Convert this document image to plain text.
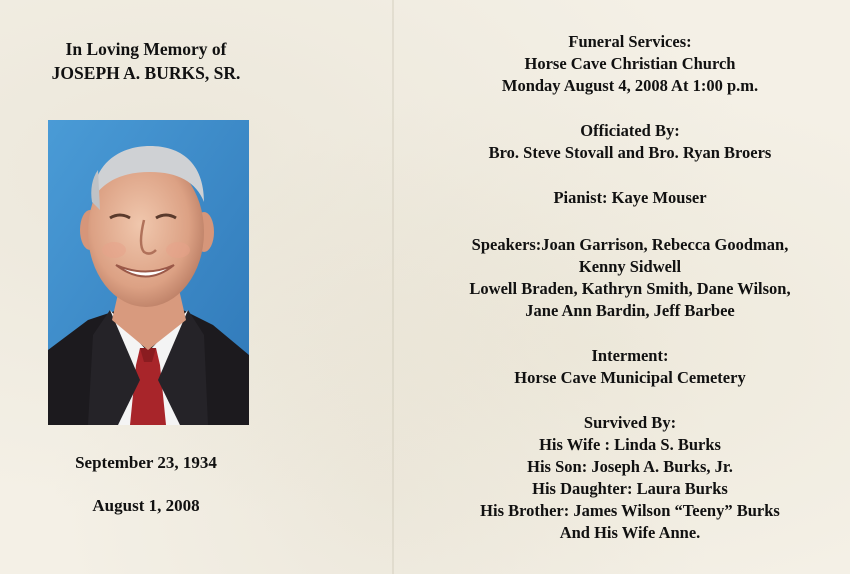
In Loving Memory of
JOSEPH A. BURKS, SR.
September 23, 1934
August 1, 2008
Funeral Services:
Horse Cave Christian Church
Monday August 4, 2008 At 1:00 p.m.
Officiated By:
Bro. Steve Stovall and Bro. Ryan Broers
Pianist: Kaye Mouser
Speakers:Joan Garrison, Rebecca Goodman,
Kenny Sidwell
Lowell Braden, Kathryn Smith, Dane Wilson,
Jane Ann Bardin, Jeff Barbee
Interment:
Horse Cave Municipal Cemetery
Survived By:
His Wife : Linda S. Burks
His Son: Joseph A. Burks, Jr.
His Daughter: Laura Burks
His Brother: James Wilson “Teeny” Burks
And His Wife Anne.
